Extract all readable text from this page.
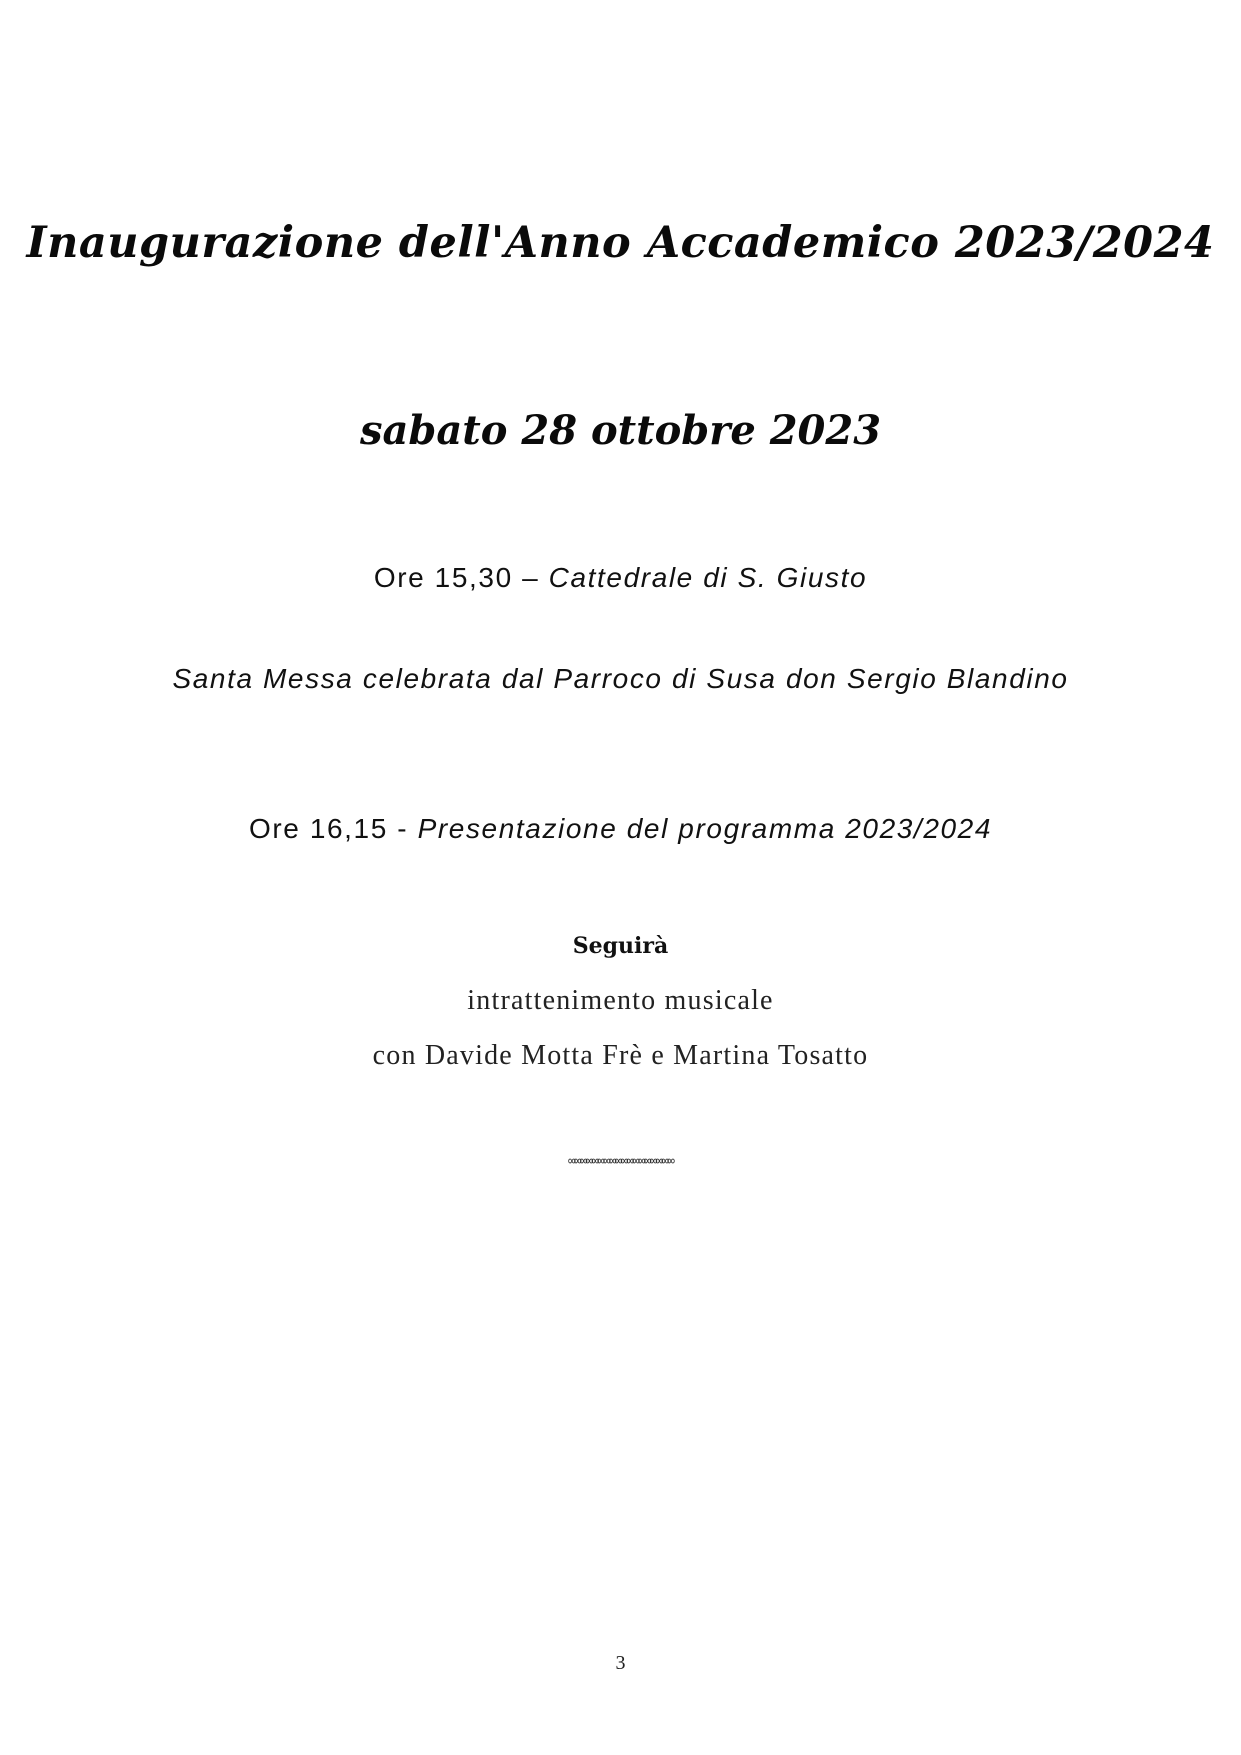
Inaugurazione dell'Anno Accademico 2023/2024
sabato 28 ottobre 2023
Ore 15,30 – Cattedrale di S. Giusto
Santa Messa celebrata dal Parroco di Susa don Sergio Blandino
Ore 16,15 - Presentazione del programma 2023/2024
Seguirà
intrattenimento musicale
con Davide Motta Frè e Martina Tosatto
∞∞∞∞∞∞∞∞∞∞∞∞∞∞∞∞∞∞
3
